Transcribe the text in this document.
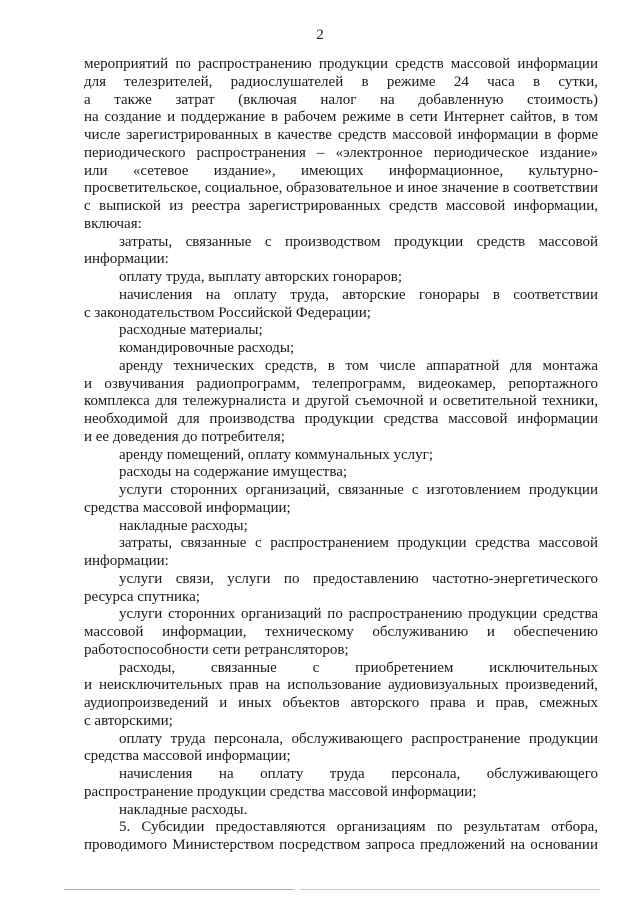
2
мероприятий по распространению продукции средств массовой информации
для телезрителей, радиослушателей в режиме 24 часа в сутки,
а также затрат (включая налог на добавленную стоимость)
на создание и поддержание в рабочем режиме в сети Интернет сайтов, в том
числе зарегистрированных в качестве средств массовой информации в форме
периодического распространения – «электронное периодическое издание»
или «сетевое издание», имеющих информационное, культурно-
просветительское, социальное, образовательное и иное значение в соответствии
с выпиской из реестра зарегистрированных средств массовой информации,
включая:
затраты, связанные с производством продукции средств массовой
информации:
оплату труда, выплату авторских гонораров;
начисления на оплату труда, авторские гонорары в соответствии
с законодательством Российской Федерации;
расходные материалы;
командировочные расходы;
аренду технических средств, в том числе аппаратной для монтажа
и озвучивания радиопрограмм, телепрограмм, видеокамер, репортажного
комплекса для тележурналиста и другой съемочной и осветительной техники,
необходимой для производства продукции средства массовой информации
и ее доведения до потребителя;
аренду помещений, оплату коммунальных услуг;
расходы на содержание имущества;
услуги сторонних организаций, связанные с изготовлением продукции
средства массовой информации;
накладные расходы;
затраты, связанные с распространением продукции средства массовой
информации:
услуги связи, услуги по предоставлению частотно-энергетического
ресурса спутника;
услуги сторонних организаций по распространению продукции средства
массовой информации, техническому обслуживанию и обеспечению
работоспособности сети ретрансляторов;
расходы, связанные с приобретением исключительных
и неисключительных прав на использование аудиовизуальных произведений,
аудиопроизведений и иных объектов авторского права и прав, смежных
с авторскими;
оплату труда персонала, обслуживающего распространение продукции
средства массовой информации;
начисления на оплату труда персонала, обслуживающего
распространение продукции средства массовой информации;
накладные расходы.
5. Субсидии предоставляются организациям по результатам отбора,
проводимого Министерством посредством запроса предложений на основании
